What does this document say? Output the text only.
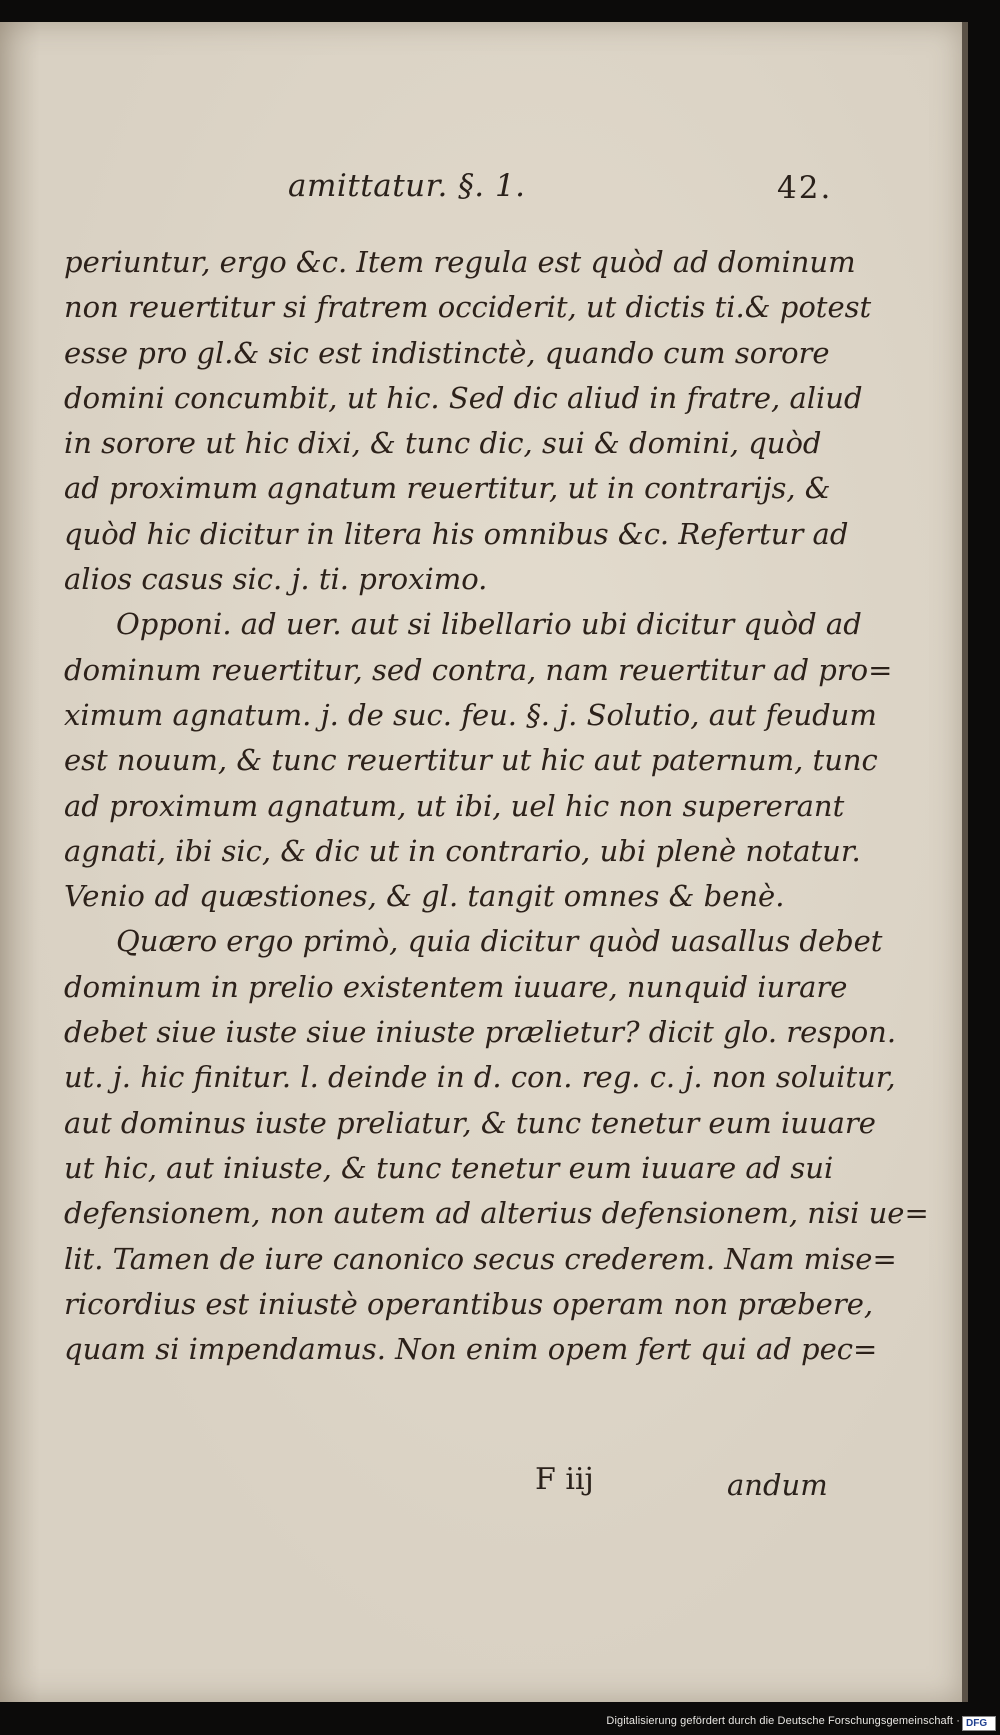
amittatur. §. 1.	42.
periuntur, ergo &c. Item regula est quòd ad dominum
non reuertitur si fratrem occiderit, ut dictis ti.& potest
esse pro gl.& sic est indistinctè, quando cum sorore
domini concumbit, ut hic. Sed dic aliud in fratre, aliud
in sorore ut hic dixi, & tunc dic, sui & domini, quòd
ad proximum agnatum reuertitur, ut in contrarijs, &
quòd hic dicitur in litera his omnibus &c. Refertur ad
alios casus sic. j. ti. proximo.
Opponi. ad uer. aut si libellario ubi dicitur quòd ad
dominum reuertitur, sed contra, nam reuertitur ad pro=
ximum agnatum. j. de suc. feu. §. j. Solutio, aut feudum
est nouum, & tunc reuertitur ut hic aut paternum, tunc
ad proximum agnatum, ut ibi, uel hic non supererant
agnati, ibi sic, & dic ut in contrario, ubi plenè notatur.
Venio ad quæstiones, & gl. tangit omnes & benè.
Quæro ergo primò, quia dicitur quòd uasallus debet
dominum in prelio existentem iuuare, nunquid iurare
debet siue iuste siue iniuste prælietur? dicit glo. respon.
ut. j. hic finitur. l. deinde in d. con. reg. c. j. non soluitur,
aut dominus iuste preliatur, & tunc tenetur eum iuuare
ut hic, aut iniuste, & tunc tenetur eum iuuare ad sui
defensionem, non autem ad alterius defensionem, nisi ue=
lit. Tamen de iure canonico secus crederem. Nam mise=
ricordius est iniustè operantibus operam non præbere,
quam si impendamus. Non enim opem fert qui ad pec=
F iij	andum
Digitalisierung gefördert durch die Deutsche Forschungsgemeinschaft · DFG
